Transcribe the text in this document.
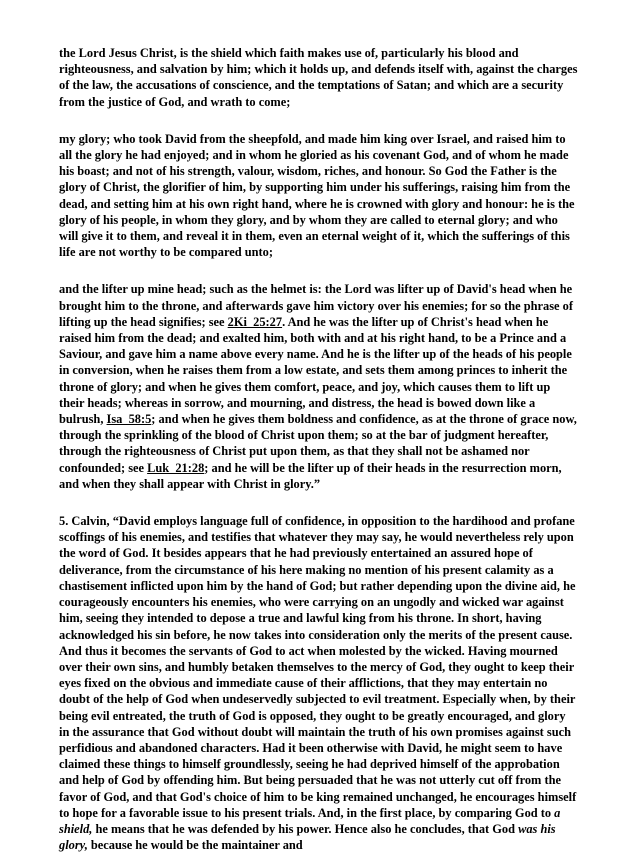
the Lord Jesus Christ, is the shield which faith makes use of, particularly his blood and righteousness, and salvation by him; which it holds up, and defends itself with, against the charges of the law, the accusations of conscience, and the temptations of Satan; and which are a security from the justice of God, and wrath to come;

my glory; who took David from the sheepfold, and made him king over Israel, and raised him to all the glory he had enjoyed; and in whom he gloried as his covenant God, and of whom he made his boast; and not of his strength, valour, wisdom, riches, and honour. So God the Father is the glory of Christ, the glorifier of him, by supporting him under his sufferings, raising him from the dead, and setting him at his own right hand, where he is crowned with glory and honour: he is the glory of his people, in whom they glory, and by whom they are called to eternal glory; and who will give it to them, and reveal it in them, even an eternal weight of it, which the sufferings of this life are not worthy to be compared unto;

and the lifter up mine head; such as the helmet is: the Lord was lifter up of David's head when he brought him to the throne, and afterwards gave him victory over his enemies; for so the phrase of lifting up the head signifies; see 2Ki_25:27. And he was the lifter up of Christ's head when he raised him from the dead; and exalted him, both with and at his right hand, to be a Prince and a Saviour, and gave him a name above every name. And he is the lifter up of the heads of his people in conversion, when he raises them from a low estate, and sets them among princes to inherit the throne of glory; and when he gives them comfort, peace, and joy, which causes them to lift up their heads; whereas in sorrow, and mourning, and distress, the head is bowed down like a bulrush, Isa_58:5; and when he gives them boldness and confidence, as at the throne of grace now, through the sprinkling of the blood of Christ upon them; so at the bar of judgment hereafter, through the righteousness of Christ put upon them, as that they shall not be ashamed nor confounded; see Luk_21:28; and he will be the lifter up of their heads in the resurrection morn, and when they shall appear with Christ in glory.”

5. Calvin, “David employs language full of confidence, in opposition to the hardihood and profane scoffings of his enemies, and testifies that whatever they may say, he would nevertheless rely upon the word of God. It besides appears that he had previously entertained an assured hope of deliverance, from the circumstance of his here making no mention of his present calamity as a chastisement inflicted upon him by the hand of God; but rather depending upon the divine aid, he courageously encounters his enemies, who were carrying on an ungodly and wicked war against him, seeing they intended to depose a true and lawful king from his throne. In short, having acknowledged his sin before, he now takes into consideration only the merits of the present cause. And thus it becomes the servants of God to act when molested by the wicked. Having mourned over their own sins, and humbly betaken themselves to the mercy of God, they ought to keep their eyes fixed on the obvious and immediate cause of their afflictions, that they may entertain no doubt of the help of God when undeservedly subjected to evil treatment. Especially when, by their being evil entreated, the truth of God is opposed, they ought to be greatly encouraged, and glory in the assurance that God without doubt will maintain the truth of his own promises against such perfidious and abandoned characters. Had it been otherwise with David, he might seem to have claimed these things to himself groundlessly, seeing he had deprived himself of the approbation and help of God by offending him. But being persuaded that he was not utterly cut off from the favor of God, and that God's choice of him to be king remained unchanged, he encourages himself to hope for a favorable issue to his present trials. And, in the first place, by comparing God to a shield, he means that he was defended by his power. Hence also he concludes, that God was his glory, because he would be the maintainer and
